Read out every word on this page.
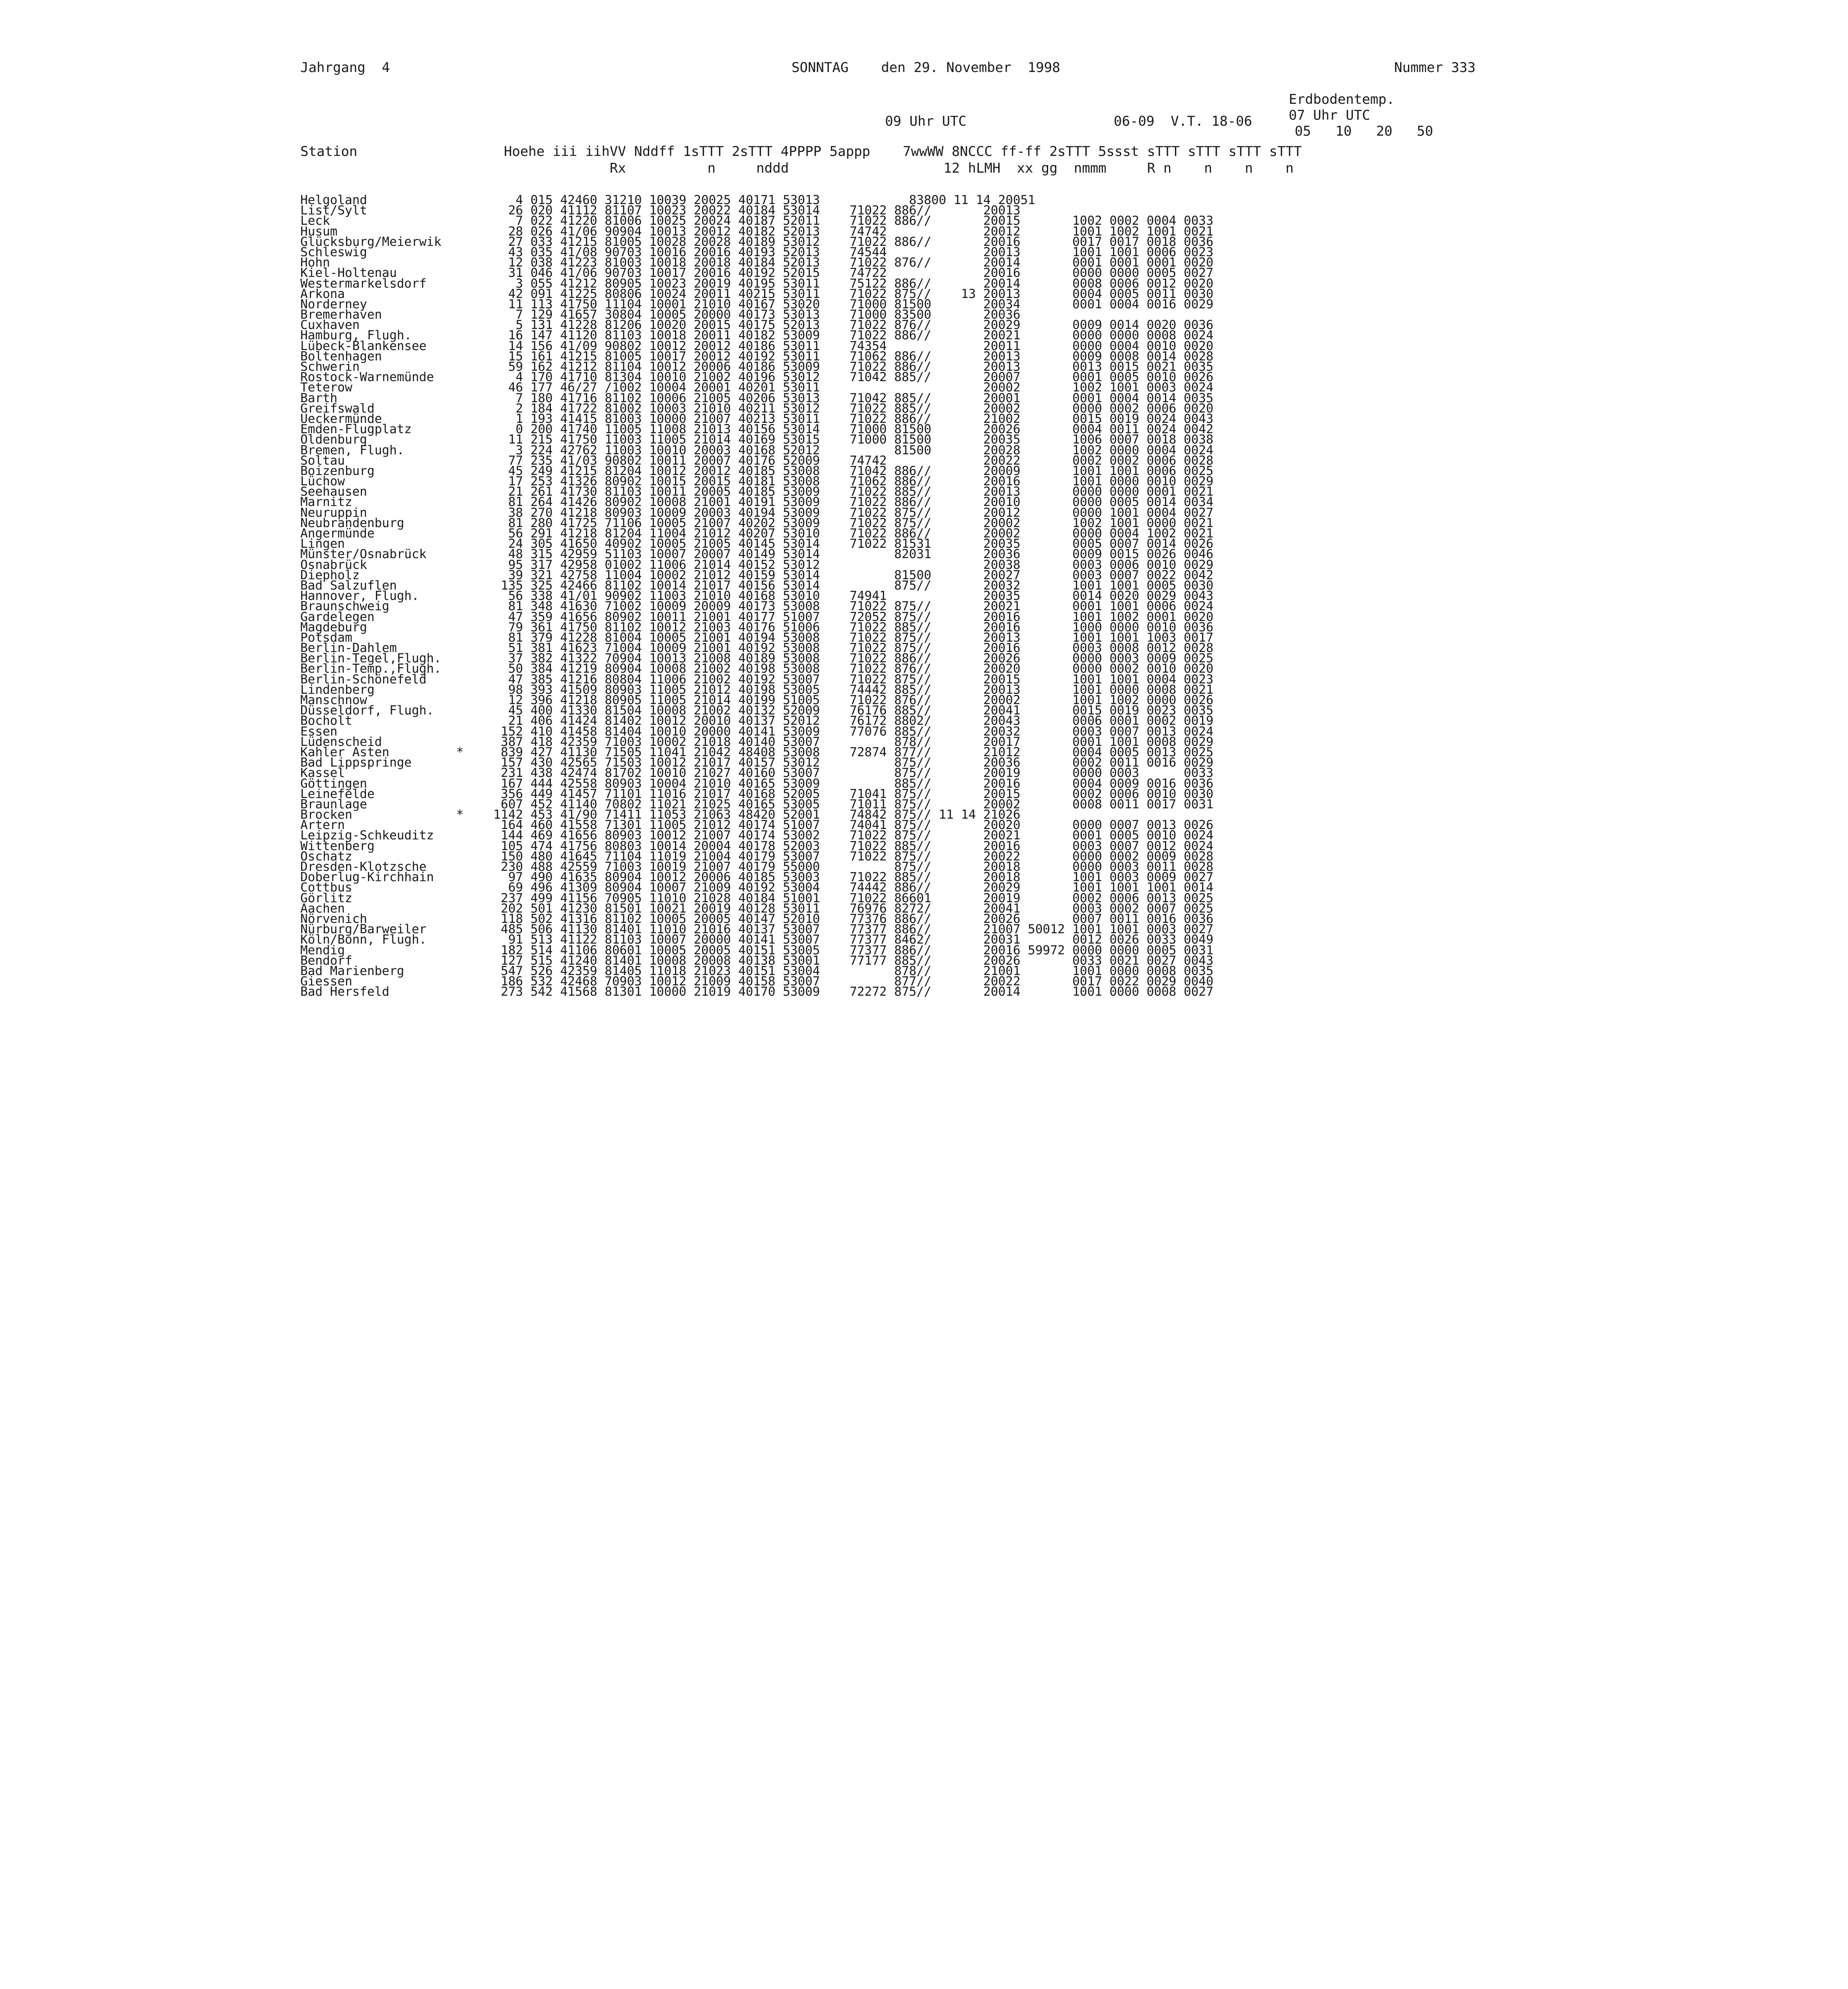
Jahrgang  4	SONNTAG den 29. November  1998	Nummer 333
Erdbodentemp.
07 Uhr UTC
05   10   20   50
09 Uhr UTC	06-09  V.T. 18-06
Station                  Hoehe iii iihVV Nddff 1sTTT 2sTTT 4PPPP 5appp    7wwWW 8NCCC ff-ff 2sTTT 5ssst sTTT sTTT sTTT sTTT
Rx          n     nddd                   12 hLMH  xx gg  nmmm     R n    n    n    n
Helgoland                    4 015 42460 31210 10039 20025 40171 53013            83800 11 14 20051
List/Sylt                   26 020 41112 81107 10023 20022 40184 53014    71022 886//       20013
Leck                         7 022 41220 81006 10025 20024 40187 52011    71022 886//       20015       1002 0002 0004 0033
Husum                       28 026 41/06 90904 10013 20012 40182 52013    74742             20012       1001 1002 1001 0021
Glücksburg/Meierwik         27 033 41215 81005 10028 20028 40189 53012    71022 886//       20016       0017 0017 0018 0036
Schleswig                   43 035 41/08 90703 10016 20016 40193 52013    74544             20013       1001 1001 0006 0023
Hohn                        12 038 41223 81003 10018 20018 40184 52013    71022 876//       20014       0001 0001 0001 0020
Kiel-Holtenau               31 046 41/06 90703 10017 20016 40192 52015    74722             20016       0000 0000 0005 0027
Westermarkelsdorf            3 055 41212 80905 10023 20019 40195 53011    75122 886//       20014       0008 0006 0012 0020
Arkona                      42 091 41225 80806 10024 20011 40215 53011    71022 875//    13 20013       0004 0005 0011 0030
Norderney                   11 113 41750 11104 10001 21010 40167 53020    71000 81500       20034       0001 0004 0016 0029
Bremerhaven                  7 129 41657 30804 10005 20000 40173 53013    71000 83500       20036
Cuxhaven                     5 131 41228 81206 10020 20015 40175 52013    71022 876//       20029       0009 0014 0020 0036
Hamburg, Flugh.             16 147 41120 81103 10018 20011 40182 53009    71022 886//       20021       0000 0000 0008 0024
Lübeck-Blankensee           14 156 41/09 90802 10012 20012 40186 53011    74354             20011       0000 0004 0010 0020
Boltenhagen                 15 161 41215 81005 10017 20012 40192 53011    71062 886//       20013       0009 0008 0014 0028
Schwerin                    59 162 41212 81104 10012 20006 40186 53009    71022 886//       20013       0013 0015 0021 0035
Rostock-Warnemünde           4 170 41710 81304 10010 21002 40196 53012    71042 885//       20007       0001 0005 0010 0026
Teterow                     46 177 46/27 /1002 10004 20001 40201 53011                      20002       1002 1001 0003 0024
Barth                        7 180 41716 81102 10006 21005 40206 53013    71042 885//       20001       0001 0004 0014 0035
Greifswald                   2 184 41722 81002 10003 21010 40211 53012    71022 885//       20002       0000 0002 0006 0020
Ueckermünde                  1 193 41415 81003 10000 21007 40213 53011    71022 886//       21002       0015 0019 0024 0043
Emden-Flugplatz              0 200 41740 11005 11008 21013 40156 53014    71000 81500       20026       0004 0011 0024 0042
Oldenburg                   11 215 41750 11003 11005 21014 40169 53015    71000 81500       20035       1006 0007 0018 0038
Bremen, Flugh.               3 224 42762 11003 10010 20003 40168 52012          81500       20028       1002 0000 0004 0024
Soltau                      77 235 41/03 90802 10011 20007 40176 52009    74742             20022       0002 0002 0006 0028
Boizenburg                  45 249 41215 81204 10012 20012 40185 53008    71042 886//       20009       1001 1001 0006 0025
Lüchow                      17 253 41326 80902 10015 20015 40181 53008    71062 886//       20016       1001 0000 0010 0029
Seehausen                   21 261 41730 81103 10011 20005 40185 53009    71022 885//       20013       0000 0000 0001 0021
Marnitz                     81 264 41426 80902 10008 21001 40191 53009    71022 886//       20010       0000 0005 0014 0034
Neuruppin                   38 270 41218 80903 10009 20003 40194 53009    71022 875//       20012       0000 1001 0004 0027
Neubrandenburg              81 280 41725 71106 10005 21007 40202 53009    71022 875//       20002       1002 1001 0000 0021
Angermünde                  56 291 41218 81204 11004 21012 40207 53010    71022 886//       20002       0000 0004 1002 0021
Lingen                      24 305 41650 40902 10005 21005 40145 53014    71022 81531       20035       0005 0007 0014 0026
Münster/Osnabrück           48 315 42959 51103 10007 20007 40149 53014          82031       20036       0009 0015 0026 0046
Osnabrück                   95 317 42958 01002 11006 21014 40152 53012                      20038       0003 0006 0010 0029
Diepholz                    39 321 42758 11004 10002 21012 40159 53014          81500       20027       0003 0007 0022 0042
Bad Salzuflen              135 325 42466 81102 10014 21017 40156 53014          875//       20032       1001 1001 0005 0030
Hannover, Flugh.            56 338 41/01 90902 11003 21010 40168 53010    74941             20035       0014 0020 0029 0043
Braunschweig                81 348 41630 71002 10009 20009 40173 53008    71022 875//       20021       0001 1001 0006 0024
Gardelegen                  47 359 41656 80902 10011 21001 40177 51007    72052 875//       20016       1001 1002 0001 0020
Magdeburg                   79 361 41750 81102 10012 21003 40176 51006    71022 885//       20016       1000 0000 0010 0036
Potsdam                     81 379 41228 81004 10005 21001 40194 53008    71022 875//       20013       1001 1001 1003 0017
Berlin-Dahlem               51 381 41623 71004 10009 21001 40192 53008    71022 875//       20016       0003 0008 0012 0028
Berlin-Tegel,Flugh.         37 382 41322 70904 10013 21008 40189 53008    71022 886//       20026       0000 0003 0009 0025
Berlin-Temp.,Flugh.         50 384 41219 80904 10008 21002 40198 53008    71022 876//       20020       0000 0002 0010 0020
Berlin-Schönefeld           47 385 41216 80804 11006 21002 40192 53007    71022 875//       20015       1001 1001 0004 0023
Lindenberg                  98 393 41509 80903 11005 21012 40198 53005    74442 885//       20013       1001 0000 0008 0021
Manschnow                   12 396 41218 80905 11005 21014 40199 51005    71022 876//       20002       1001 1002 0000 0026
Düsseldorf, Flugh.          45 400 41330 81504 10008 21002 40132 52009    76176 885//       20041       0015 0019 0023 0035
Bocholt                     21 406 41424 81402 10012 20010 40137 52012    76172 8802/       20043       0006 0001 0002 0019
Essen                      152 410 41458 81404 10010 20000 40141 53009    77076 885//       20032       0003 0007 0013 0024
Lüdenscheid                387 418 42359 71003 10002 21018 40140 53007          878//       20017       0001 1001 0008 0029
Kahler Asten         *     839 427 41130 71505 11041 21042 48408 53008    72874 877//       21012       0004 0005 0013 0025
Bad Lippspringe            157 430 42565 71503 10012 21017 40157 53012          875//       20036       0002 0011 0016 0029
Kassel                     231 438 42474 81702 10010 21027 40160 53007          875//       20019       0000 0003      0033
Göttingen                  167 444 42558 80903 10004 21010 40165 53009          885//       20016       0004 0009 0016 0036
Leinefelde                 356 449 41457 71101 11016 21017 40168 52005    71041 875//       20015       0002 0006 0010 0030
Braunlage                  607 452 41140 70802 11021 21025 40165 53005    71011 875//       20002       0008 0011 0017 0031
Brocken              *    1142 453 41/90 71411 11053 21063 48420 52001    74842 875// 11 14 21026
Artern                     164 460 41558 71301 11005 21012 40174 51007    74041 875//       20020       0000 0007 0013 0026
Leipzig-Schkeuditz         144 469 41656 80903 10012 21007 40174 53002    71022 875//       20021       0001 0005 0010 0024
Wittenberg                 105 474 41756 80803 10014 20004 40178 52003    71022 885//       20016       0003 0007 0012 0024
Oschatz                    150 480 41645 71104 11019 21004 40179 53007    71022 875//       20022       0000 0002 0009 0028
Dresden-Klotzsche          230 488 42559 71003 10019 21007 40179 55000          875//       20018       0000 0003 0011 0028
Doberlug-Kirchhain          97 490 41635 80904 10012 20006 40185 53003    71022 885//       20018       1001 0003 0009 0027
Cottbus                     69 496 41309 80904 10007 21009 40192 53004    74442 886//       20029       1001 1001 1001 0014
Görlitz                    237 499 41156 70905 11010 21028 40184 51001    71022 86601       20019       0002 0006 0013 0025
Aachen                     202 501 41230 81501 10021 20019 40128 53011    76976 8272/       20041       0003 0002 0007 0025
Nörvenich                  118 502 41316 81102 10005 20005 40147 52010    77376 886//       20026       0007 0011 0016 0036
Nürburg/Barweiler          485 506 41130 81401 11010 21016 40137 53007    77377 886//       21007 50012 1001 1001 0003 0027
Köln/Bonn, Flugh.           91 513 41122 81103 10007 20000 40141 53007    77377 8462/       20031       0012 0026 0033 0049
Mendig                     182 514 41106 80601 10005 20005 40151 53005    77377 886//       20016 59972 0000 0000 0005 0031
Bendorf                    127 515 41240 81401 10008 20008 40138 53001    77177 885//       20026       0033 0021 0027 0043
Bad Marienberg             547 526 42359 81405 11018 21023 40151 53004          878//       21001       1001 0000 0008 0035
Giessen                    186 532 42468 70903 10012 21009 40158 53007          877//       20022       0017 0022 0029 0040
Bad Hersfeld               273 542 41568 81301 10000 21019 40170 53009    72272 875//       20014       1001 0000 0008 0027
